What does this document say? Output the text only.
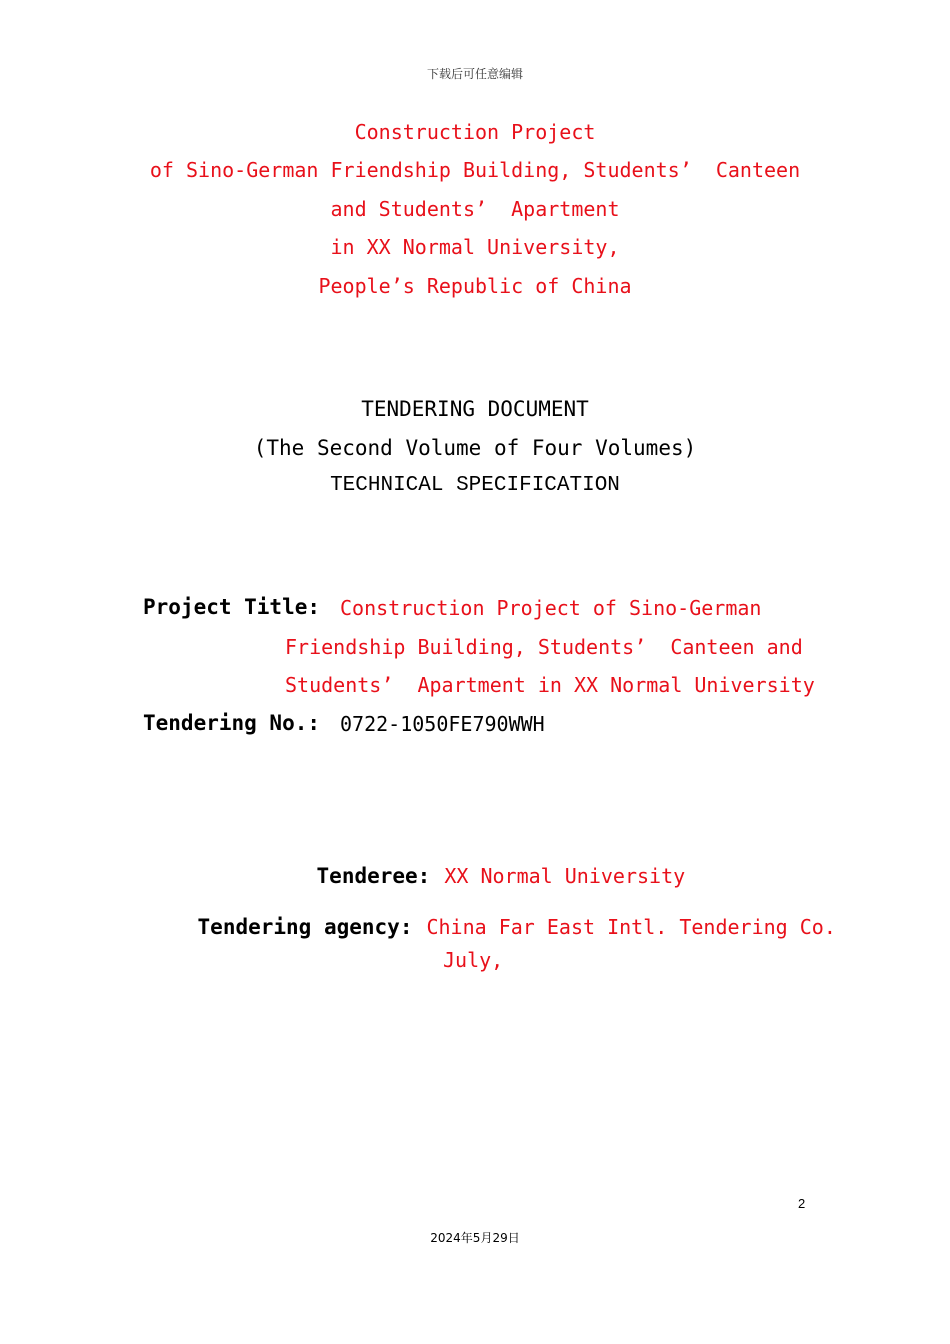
下载后可任意编辑
Construction Project
of Sino-German Friendship Building, Students’  Canteen
and Students’  Apartment
in XX Normal University,
People’s Republic of China
TENDERING DOCUMENT
(The Second Volume of Four Volumes)
TECHNICAL SPECIFICATION
Project Title: Construction Project of Sino-German
Friendship Building, Students’  Canteen and
Students’  Apartment in XX Normal University
Tendering No.: 0722-1050FE790WWH

Tenderee: XX Normal University

Tendering agency: China Far East Intl. Tendering Co.

July,
2
2024年5月29日
